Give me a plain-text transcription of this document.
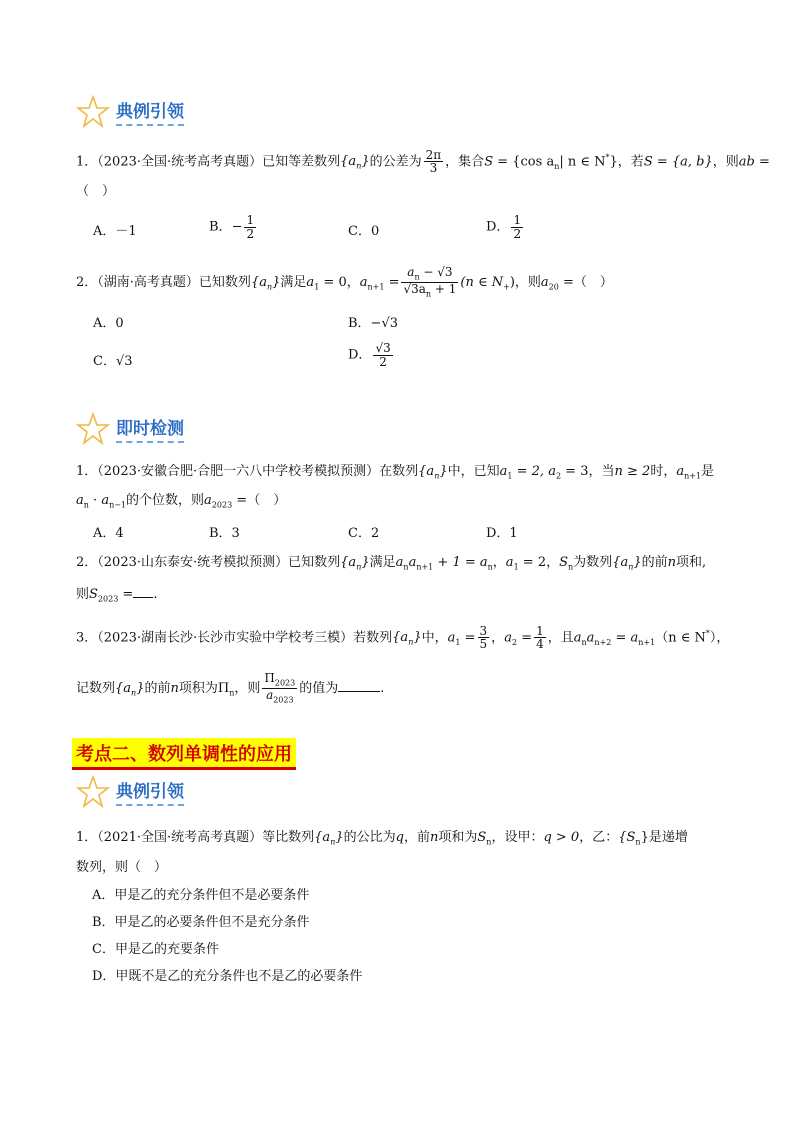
典例引领
1．（2023·全国·统考高考真题）已知等差数列$\{a_n\}$的公差为 $\frac{2\pi}{3}$ ，集合S = {cos $a_n|$ n ∈ N*}，若S = {a, b}，则ab =
（　）
A．－1	B．− $\frac{1}{2}$	C．0	D． $\frac{1}{2}$
2．（湖南·高考真题）已知数列$\{a_n\}$满足$a_1 = 0$，$a_{n+1} = \frac{a_n - √3}{√3a_n + 1} (n$ ∈ $N_+$)，则$a_{20}$ =（　）
A．0	B．−√3
C．√3	D． $\frac{√3}{2}$
即时检测
1．（2023·安徽合肥·合肥一六八中学校考模拟预测）在数列$\{a_n\}$中，已知$a_1 = 2$, $a_2 = 3$，当n ≥ 2时，$a_{n+1}$是
$a_n \cdot a_{n-1}$的个位数，则$a_{2023}$ =（　）
A．4	B．3	C．2	D．1
2．（2023·山东泰安·统考模拟预测）已知数列$\{a_n\}$满足$a_na_{n+1} + 1 = a_n$，$a_1 = 2$，$S_n$为数列$\{a_n\}$的前n项和,
则$S_{2023}$ = .
3．（2023·湖南长沙·长沙市实验中学校考三模）若数列$\{a_n\}$中，$a_1 = \frac{3}{5}$ ，$a_2 = \frac{1}{4}$ ，且$a_na_{n+2} = a_{n+1}(n$ ∈ N*），
记数列$\{a_n\}$的前n项积为$\Pi_n$，则 $\frac{\Pi_{2023}}{a_{2023}}$ 的值为	.
考点二、数列单调性的应用
典例引领
1．（2021·全国·统考高考真题）等比数列$\{a_n\}$的公比为q，前n项和为$S_n$，设甲：q > 0，乙：$\{S_n\}$是递增
数列，则（　）
A．甲是乙的充分条件但不是必要条件
B．甲是乙的必要条件但不是充分条件
C．甲是乙的充要条件
D．甲既不是乙的充分条件也不是乙的必要条件
